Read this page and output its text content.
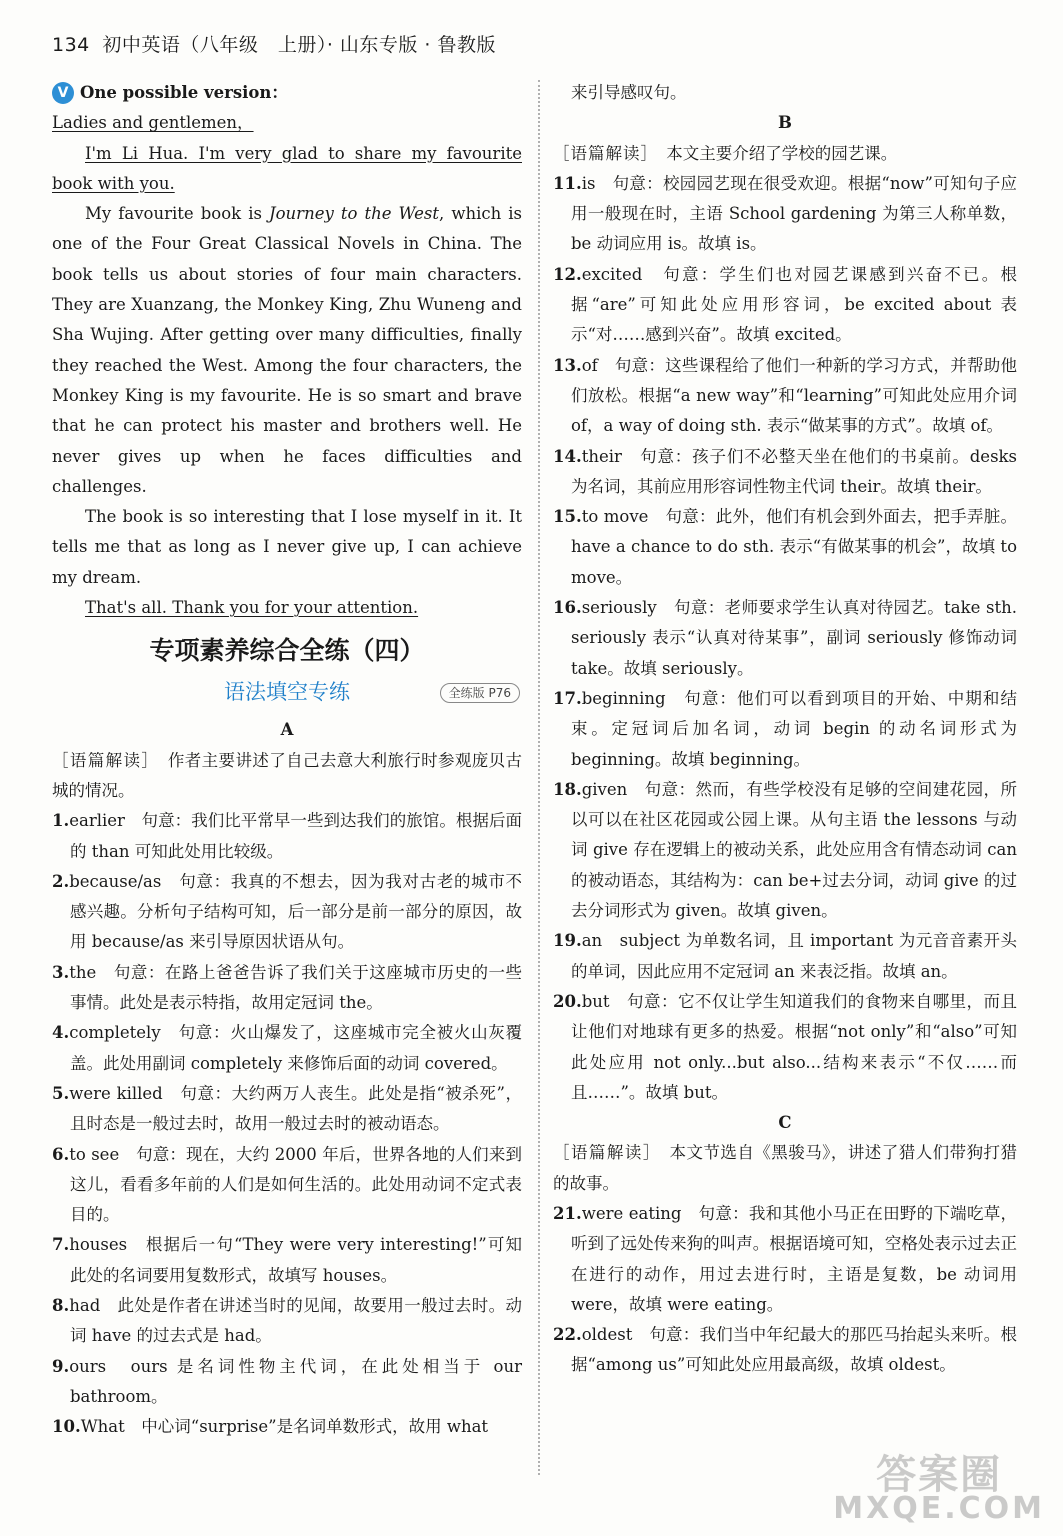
134 初中英语（八年级　上册）· 山东专版 · 鲁教版

V One possible version：

Ladies and gentlemen，

I'm Li Hua. I'm very glad to share my favourite book with you.

My favourite book is Journey to the West, which is one of the Four Great Classical Novels in China. The book tells us about stories of four main characters. They are Xuanzang, the Monkey King, Zhu Wuneng and Sha Wujing. After getting over many difficulties, finally they reached the West. Among the four characters, the Monkey King is my favourite. He is so smart and brave that he can protect his master and brothers well. He never gives up when he faces difficulties and challenges.

The book is so interesting that I lose myself in it. It tells me that as long as I never give up, I can achieve my dream.

That's all. Thank you for your attention.

专项素养综合全练（四）
语法填空专练	全练版 P76
A

［语篇解读］　 作者主要讲述了自己去意大利旅行时参观庞贝古城的情况。

1.earlier　 句意：我们比平常早一些到达我们的旅馆。根据后面的 than 可知此处用比较级。

2.because/as　 句意：我真的不想去，因为我对古老的城市不感兴趣。分析句子结构可知，后一部分是前一部分的原因，故用 because/as 来引导原因状语从句。

3.the　 句意：在路上爸爸告诉了我们关于这座城市历史的一些事情。此处是表示特指，故用定冠词 the。

4.completely　 句意：火山爆发了，这座城市完全被火山灰覆盖。此处用副词 completely 来修饰后面的动词 covered。

5.were killed　 句意：大约两万人丧生。此处是指“被杀死”，且时态是一般过去时，故用一般过去时的被动语态。

6.to see　 句意：现在，大约 2000 年后，世界各地的人们来到这儿，看看多年前的人们是如何生活的。此处用动词不定式表目的。

7.houses　 根据后一句“They were very interesting!”可知此处的名词要用复数形式，故填写 houses。

8.had　 此处是作者在讲述当时的见闻，故要用一般过去时。动词 have 的过去式是 had。

9.ours　 ours 是名词性物主代词，在此处相当于 our bathroom。

10.What　 中心词“surprise”是名词单数形式，故用 what

来引导感叹句。

B

［语篇解读］　 本文主要介绍了学校的园艺课。

11.is　 句意：校园园艺现在很受欢迎。根据“now”可知句子应用一般现在时，主语 School gardening 为第三人称单数，be 动词应用 is。故填 is。

12.excited　 句意：学生们也对园艺课感到兴奋不已。根据“are”可知此处应用形容词，be excited about 表示“对……感到兴奋”。故填 excited。

13.of　 句意：这些课程给了他们一种新的学习方式，并帮助他们放松。根据“a new way”和“learning”可知此处应用介词 of，a way of doing sth. 表示“做某事的方式”。故填 of。

14.their　 句意：孩子们不必整天坐在他们的书桌前。desks 为名词，其前应用形容词性物主代词 their。故填 their。

15.to move　 句意：此外，他们有机会到外面去，把手弄脏。have a chance to do sth. 表示“有做某事的机会”，故填 to move。

16.seriously　 句意：老师要求学生认真对待园艺。take sth. seriously 表示“认真对待某事”，副词 seriously 修饰动词 take。故填 seriously。

17.beginning　 句意：他们可以看到项目的开始、中期和结束。定冠词后加名词，动词 begin 的动名词形式为 beginning。故填 beginning。

18.given　 句意：然而，有些学校没有足够的空间建花园，所以可以在社区花园或公园上课。从句主语 the lessons 与动词 give 存在逻辑上的被动关系，此处应用含有情态动词 can 的被动语态，其结构为：can be+过去分词，动词 give 的过去分词形式为 given。故填 given。

19.an　 subject 为单数名词，且 important 为元音音素开头的单词，因此应用不定冠词 an 来表泛指。故填 an。

20.but　 句意：它不仅让学生知道我们的食物来自哪里，而且让他们对地球有更多的热爱。根据“not only”和“also”可知此处应用 not only...but also...结构来表示“不仅……而且……”。故填 but。

C

［语篇解读］　 本文节选自《黑骏马》，讲述了猎人们带狗打猎的故事。

21.were eating　 句意：我和其他小马正在田野的下端吃草，听到了远处传来狗的叫声。根据语境可知，空格处表示过去正在进行的动作，用过去进行时，主语是复数，be 动词用 were，故填 were eating。

22.oldest　 句意：我们当中年纪最大的那匹马抬起头来听。根据“among us”可知此处应用最高级，故填 oldest。

答案圈
MXQE.COM
